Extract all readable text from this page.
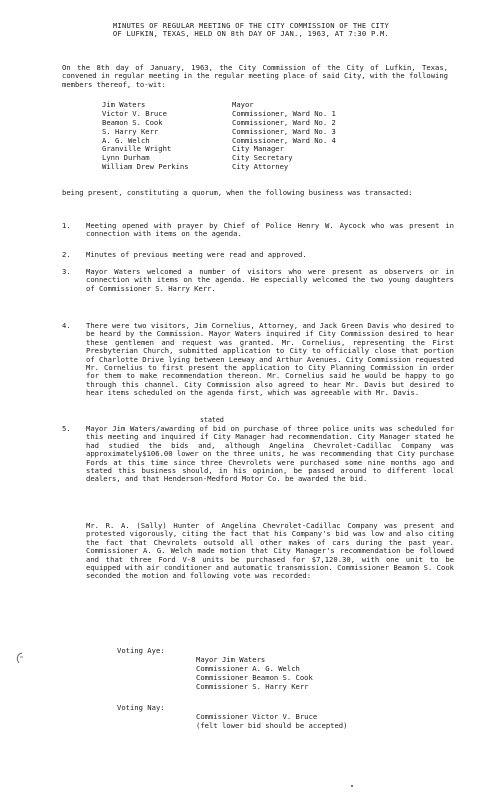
MINUTES OF REGULAR MEETING OF THE CITY COMMISSION OF THE CITY
OF LUFKIN, TEXAS, HELD ON 8th DAY OF JAN., 1963, AT 7:30 P.M.
On the 8th day of January, 1963, the City Commission of the City of Lufkin, Texas, convened in regular meeting in the regular meeting place of said City, with the following members thereof, to-wit:
Jim Waters	Mayor
Victor V. Bruce	Commissioner, Ward No. 1
Beamon S. Cook	Commissioner, Ward No. 2
S. Harry Kerr	Commissioner, Ward No. 3
A. G. Welch	Commissioner, Ward No. 4
Granville Wright	City Manager
Lynn Durham	City Secretary
William Drew Perkins	City Attorney
being present, constituting a quorum, when the following business was transacted:
1.	Meeting opened with prayer by Chief of Police Henry W. Aycock who was present in connection with items on the agenda.
2.	Minutes of previous meeting were read and approved.
3.	Mayor Waters welcomed a number of visitors who were present as observers or in connection with items on the agenda. He especially welcomed the two young daughters of Commissioner S. Harry Kerr.
4.	There were two visitors, Jim Cornelius, Attorney, and Jack Green Davis who desired to be heard by the Commission. Mayor Waters inquired if City Commission desired to hear these gentlemen and request was granted. Mr. Cornelius, representing the First Presbyterian Church, submitted application to City to officially close that portion of Charlotte Drive lying between Leeway and Arthur Avenues. City Commission requested Mr. Cornelius to first present the application to City Planning Commission in order for them to make recommendation thereon. Mr. Cornelius said he would be happy to go through this channel. City Commission also agreed to hear Mr. Davis but desired to hear items scheduled on the agenda first, which was agreeable with Mr. Davis.
stated
5.	Mayor Jim Waters/awarding of bid on purchase of three police units was scheduled for this meeting and inquired if City Manager had recommendation. City Manager stated he had studied the bids and, although Angelina Chevrolet-Cadillac Company was approximately$106.00 lower on the three units, he was recommending that City purchase Fords at this time since three Chevrolets were purchased some nine months ago and stated this business should, in his opinion, be passed around to different local dealers, and that Henderson-Medford Motor Co. be awarded the bid.
Mr. R. A. (Sally) Hunter of Angelina Chevrolet-Cadillac Company was present and protested vigorously, citing the fact that his Company's bid was low and also citing the fact that Chevrolets outsold all other makes of cars during the past year. Commissioner A. G. Welch made motion that City Manager's recommendation be followed and that three Ford V-8 units be purchased for $7,120.30, with one unit to be equipped with air conditioner and automatic transmission. Commissioner Beamon S. Cook seconded the motion and following vote was recorded:
Voting Aye:
Mayor Jim Waters
Commissioner A. G. Welch
Commissioner Beamon S. Cook
Commissioner S. Harry Kerr
Voting Nay:
Commissioner Victor V. Bruce
(felt lower bid should be accepted)
